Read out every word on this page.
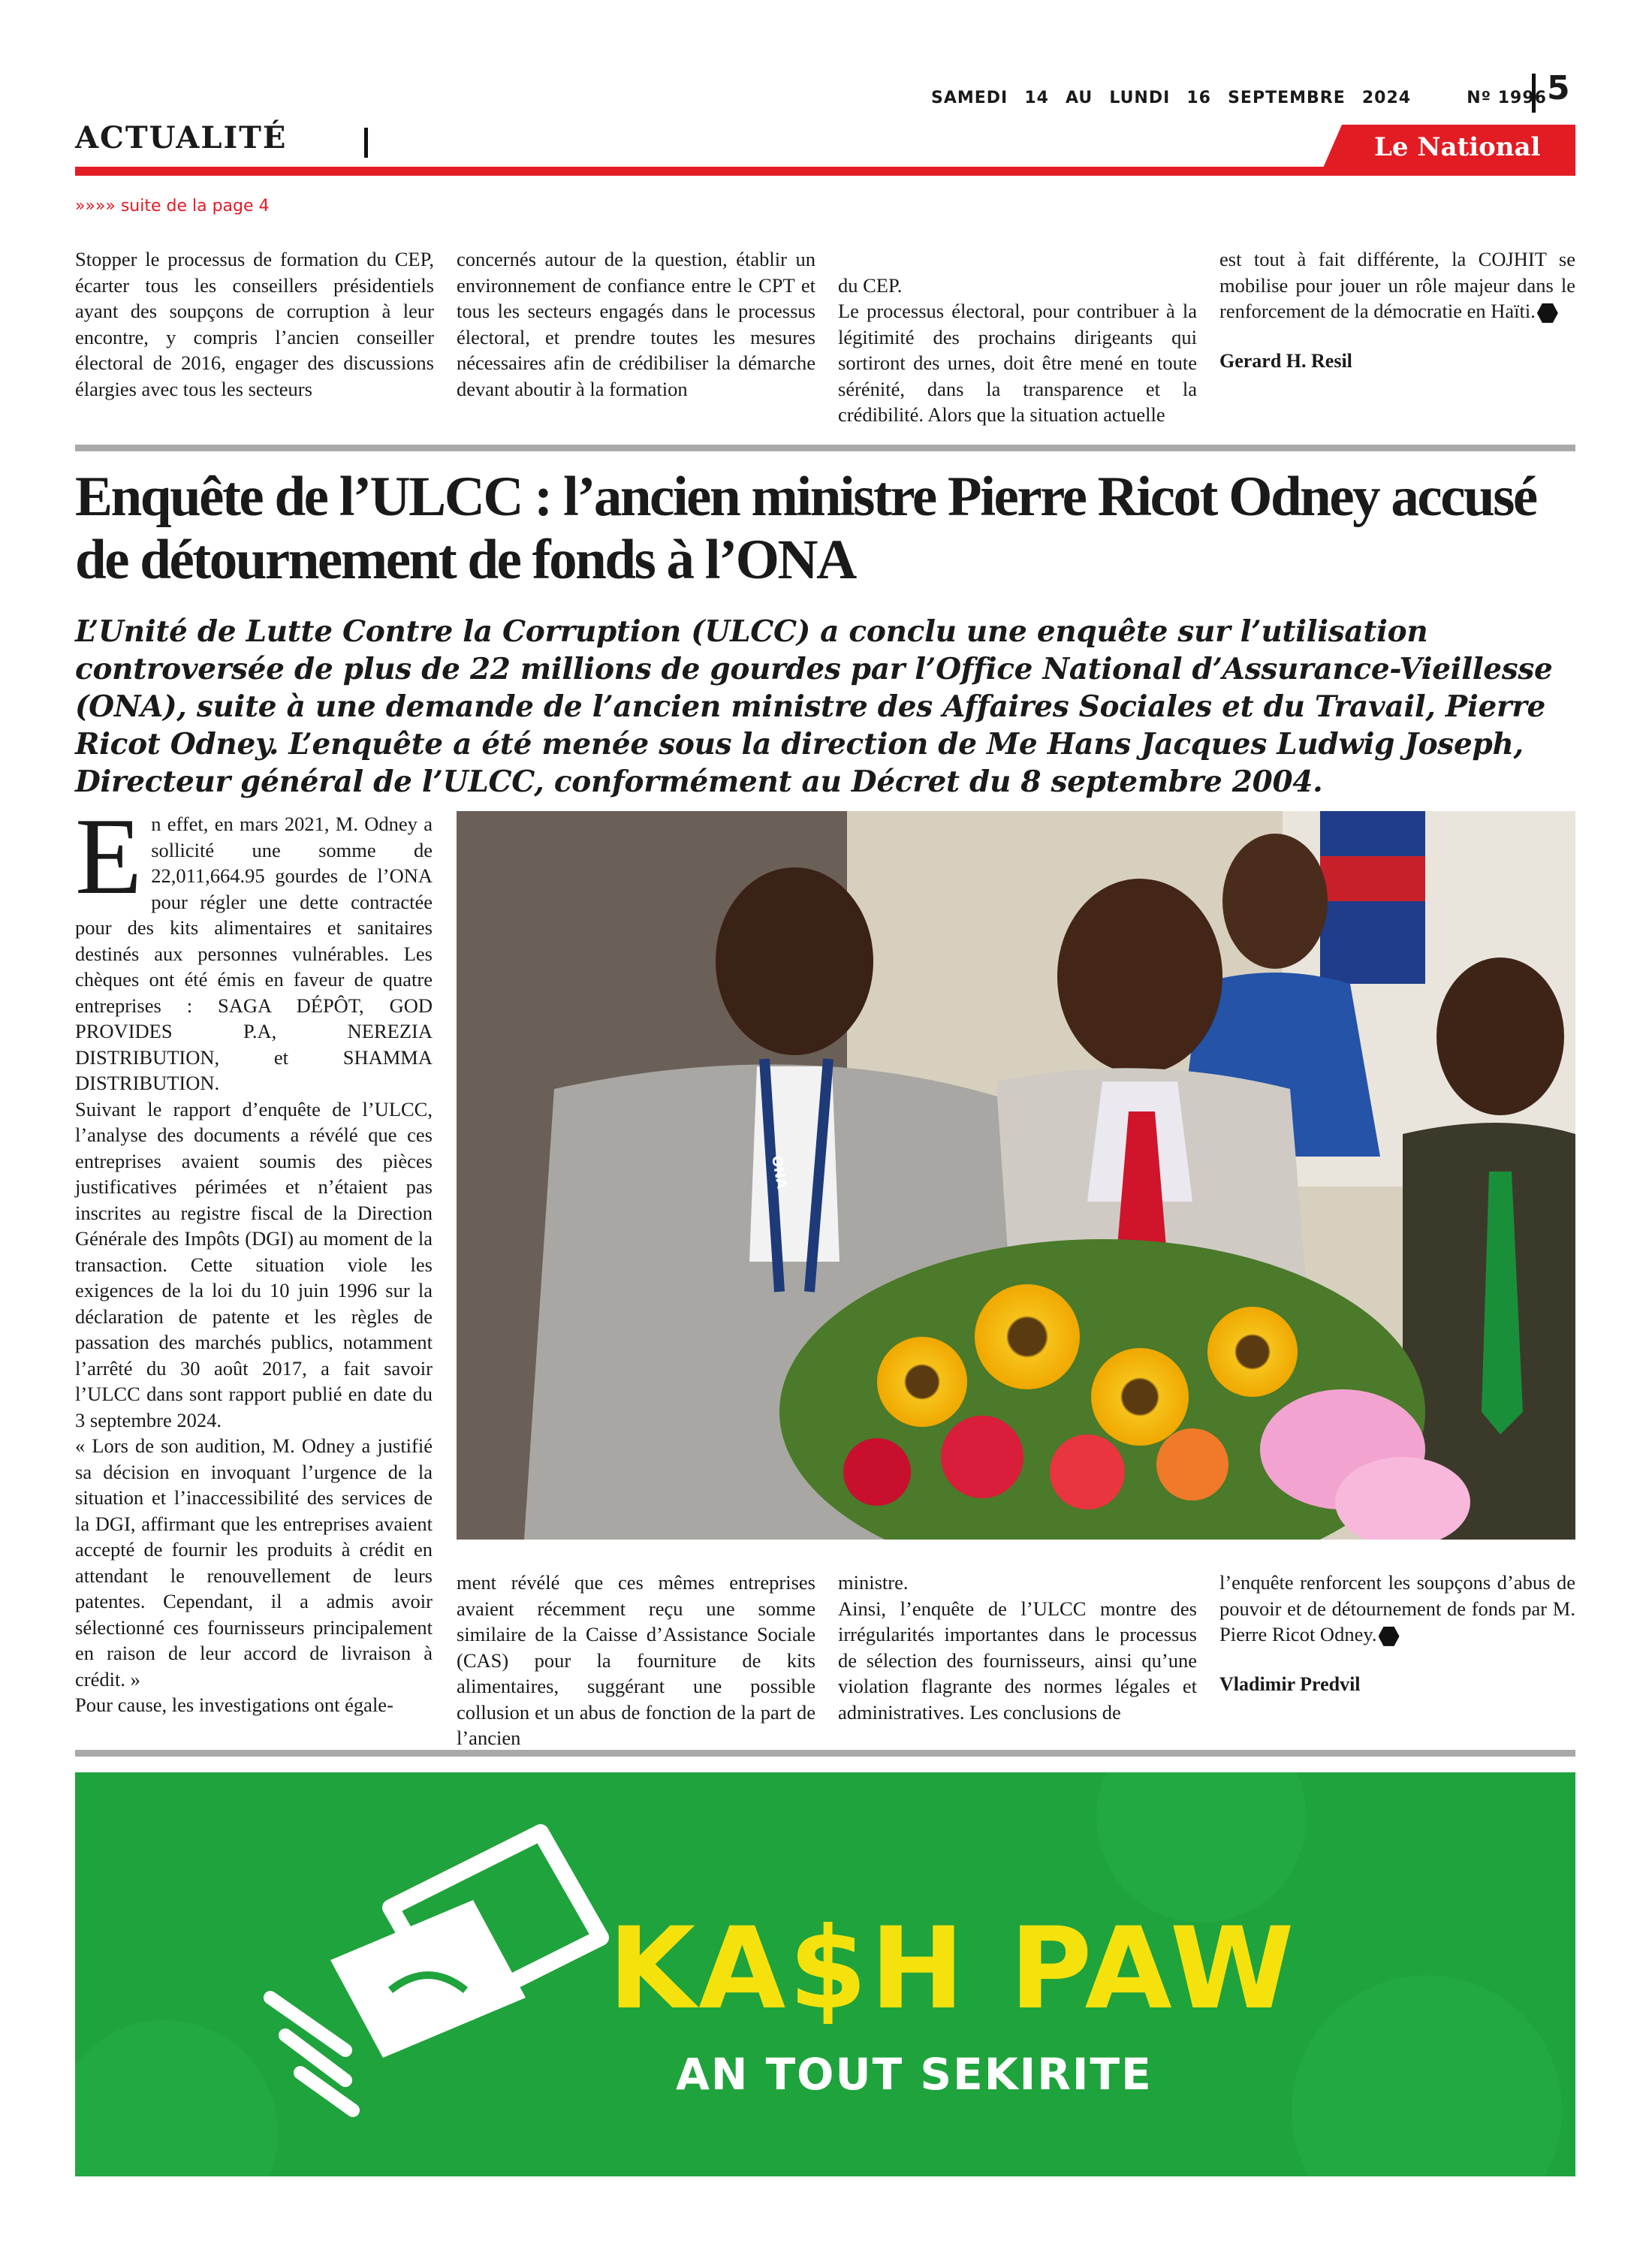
SAMEDI 14 AU LUNDI 16 SEPTEMBRE 2024	Nº 1996 5
ACTUALITÉ	Le National
»»»» suite de la page 4

Stopper le processus de formation du CEP, écarter tous les conseillers présidentiels ayant des soupçons de corruption à leur encontre, y compris l’ancien conseiller électoral de 2016, engager des discussions élargies avec tous les secteurs

concernés autour de la question, établir un environnement de confiance entre le CPT et tous les secteurs engagés dans le processus électoral, et prendre toutes les mesures nécessaires afin de crédibiliser la démarche devant aboutir à la formation

du CEP.
Le processus électoral, pour contribuer à la légitimité des prochains dirigeants qui sortiront des urnes, doit être mené en toute sérénité, dans la transparence et la crédibilité. Alors que la situation actuelle

est tout à fait différente, la COJHIT se mobilise pour jouer un rôle majeur dans le renforcement de la démocratie en Haïti.

Gerard H. Resil

Enquête de l’ULCC : l’ancien ministre Pierre Ricot Odney accusé de détournement de fonds à l’ONA
L’Unité de Lutte Contre la Corruption (ULCC) a conclu une enquête sur l’utilisation controversée de plus de 22 millions de gourdes par l’Office National d’Assurance-Vieillesse (ONA), suite à une demande de l’ancien ministre des Affaires Sociales et du Travail, Pierre Ricot Odney. L’enquête a été menée sous la direction de Me Hans Jacques Ludwig Joseph, Directeur général de l’ULCC, conformément au Décret du 8 septembre 2004.

En effet, en mars 2021, M. Odney a sollicité une somme de 22,011,664.95 gourdes de l’ONA pour régler une dette contractée pour des kits alimentaires et sanitaires destinés aux personnes vulnérables. Les chèques ont été émis en faveur de quatre entreprises : SAGA DÉPÔT, GOD PROVIDES P.A, NEREZIA DISTRIBUTION, et SHAMMA DISTRIBUTION.

Suivant le rapport d’enquête de l’ULCC, l’analyse des documents a révélé que ces entreprises avaient soumis des pièces justificatives périmées et n’étaient pas inscrites au registre fiscal de la Direction Générale des Impôts (DGI) au moment de la transaction. Cette situation viole les exigences de la loi du 10 juin 1996 sur la déclaration de patente et les règles de passation des marchés publics, notamment l’arrêté du 30 août 2017, a fait savoir l’ULCC dans sont rapport publié en date du 3 septembre 2024.

« Lors de son audition, M. Odney a justifié sa décision en invoquant l’urgence de la situation et l’inaccessibilité des services de la DGI, affirmant que les entreprises avaient accepté de fournir les produits à crédit en attendant le renouvellement de leurs patentes. Cependant, il a admis avoir sélectionné ces fournisseurs principalement en raison de leur accord de livraison à crédit. »

Pour cause, les investigations ont égale-

ONA

ment révélé que ces mêmes entreprises avaient récemment reçu une somme similaire de la Caisse d’Assistance Sociale (CAS) pour la fourniture de kits alimentaires, suggérant une possible collusion et un abus de fonction de la part de l’ancien

ministre.

Ainsi, l’enquête de l’ULCC montre des irrégularités importantes dans le processus de sélection des fournisseurs, ainsi qu’une violation flagrante des normes légales et administratives. Les conclusions de

l’enquête renforcent les soupçons d’abus de pouvoir et de détournement de fonds par M. Pierre Ricot Odney.

Vladimir Predvil

KA$H PAW
AN TOUT SEKIRITE
